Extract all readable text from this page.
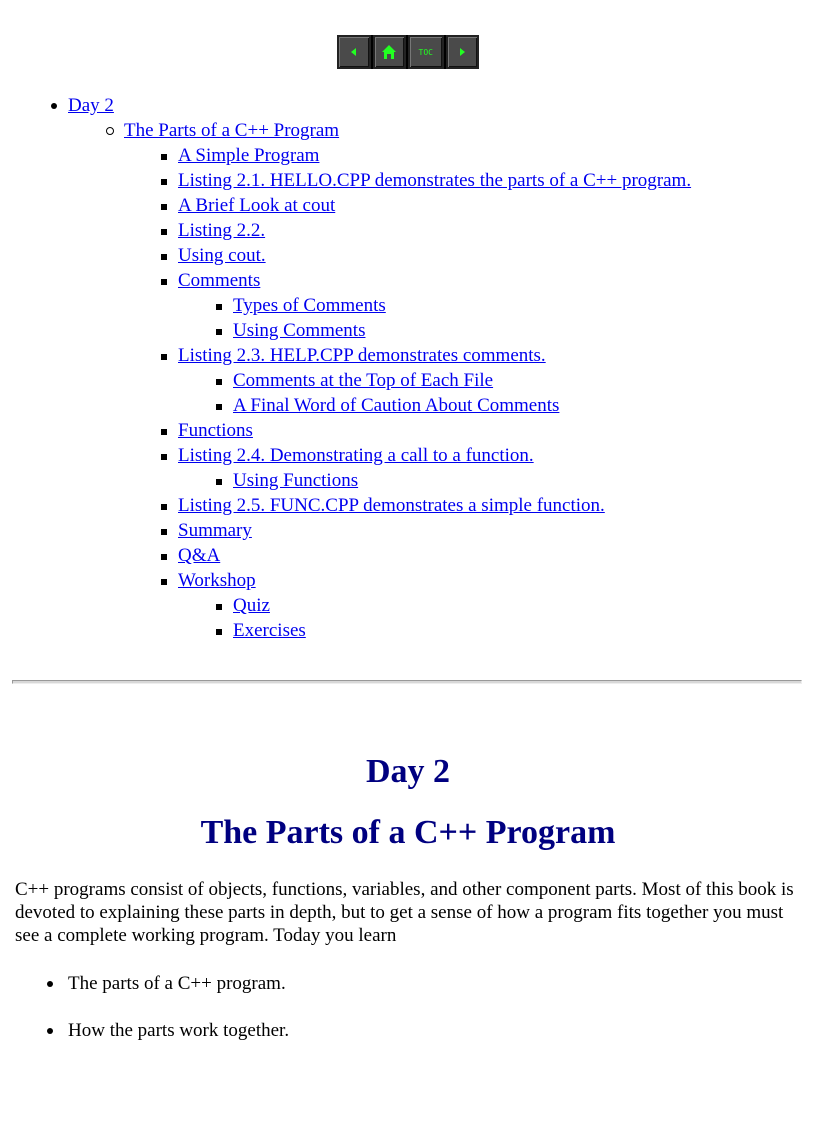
TOC
Day 2
The Parts of a C++ Program
A Simple Program
Listing 2.1. HELLO.CPP demonstrates the parts of a C++ program.
A Brief Look at cout
Listing 2.2.
Using cout.
Comments
Types of Comments
Using Comments
Listing 2.3. HELP.CPP demonstrates comments.
Comments at the Top of Each File
A Final Word of Caution About Comments
Functions
Listing 2.4. Demonstrating a call to a function.
Using Functions
Listing 2.5. FUNC.CPP demonstrates a simple function.
Summary
Q&A
Workshop
Quiz
Exercises
Day 2
The Parts of a C++ Program

C++ programs consist of objects, functions, variables, and other component parts. Most of this book is devoted to explaining these parts in depth, but to get a sense of how a program fits together you must see a complete working program. Today you learn

The parts of a C++ program.
How the parts work together.
